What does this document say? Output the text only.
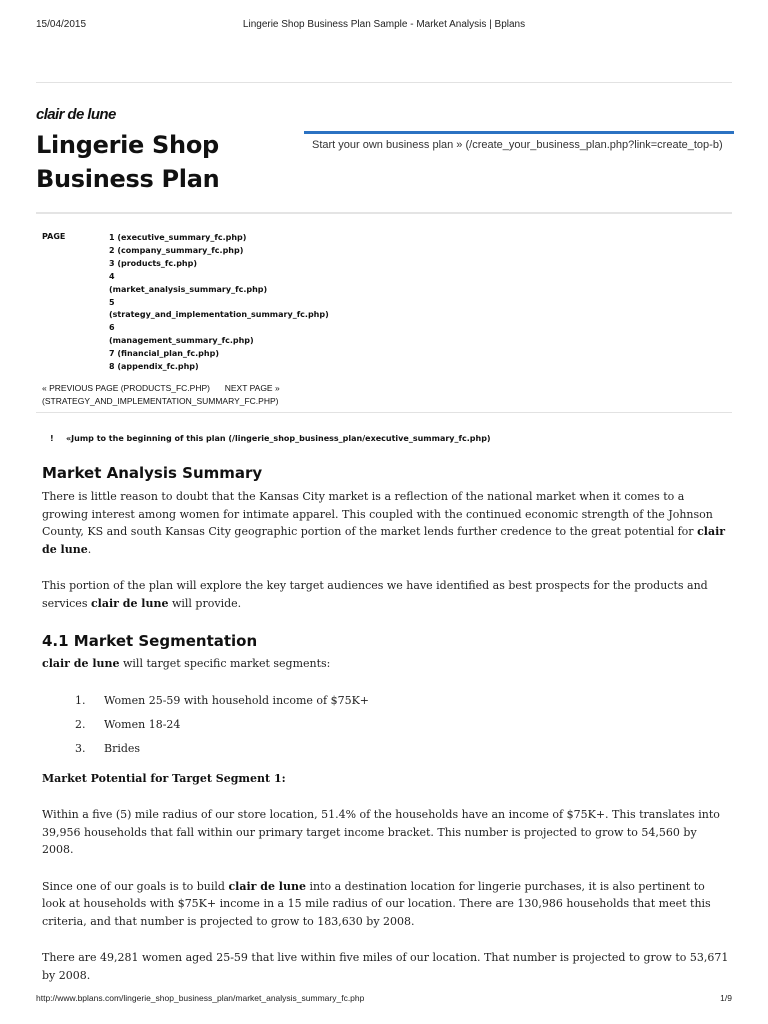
15/04/2015	Lingerie Shop Business Plan Sample - Market Analysis | Bplans
clair de lune
Lingerie Shop Business Plan
Start your own business plan » (/create_your_business_plan.php?link=create_top-b)
PAGE	1 (executive_summary_fc.php)
2 (company_summary_fc.php)
3 (products_fc.php)
4
(market_analysis_summary_fc.php)
5
(strategy_and_implementation_summary_fc.php)
6
(management_summary_fc.php)
7 (financial_plan_fc.php)
8 (appendix_fc.php)
« PREVIOUS PAGE (PRODUCTS_FC.PHP) NEXT PAGE »
(STRATEGY_AND_IMPLEMENTATION_SUMMARY_FC.PHP)
! «Jump to the beginning of this plan (/lingerie_shop_business_plan/executive_summary_fc.php)
Market Analysis Summary

There is little reason to doubt that the Kansas City market is a reflection of the national market when it comes to a growing interest among women for intimate apparel. This coupled with the continued economic strength of the Johnson County, KS and south Kansas City geographic portion of the market lends further credence to the great potential for clair de lune.

This portion of the plan will explore the key target audiences we have identified as best prospects for the products and services clair de lune will provide.

4.1 Market Segmentation

clair de lune will target specific market segments:

1. Women 25-59 with household income of $75K+
2. Women 18-24
3. Brides

Market Potential for Target Segment 1:

Within a five (5) mile radius of our store location, 51.4% of the households have an income of $75K+. This translates into 39,956 households that fall within our primary target income bracket. This number is projected to grow to 54,560 by 2008.

Since one of our goals is to build clair de lune into a destination location for lingerie purchases, it is also pertinent to look at households with $75K+ income in a 15 mile radius of our location. There are 130,986 households that meet this criteria, and that number is projected to grow to 183,630 by 2008.

There are 49,281 women aged 25-59 that live within five miles of our location. That number is projected to grow to 53,671 by 2008.

http://www.bplans.com/lingerie_shop_business_plan/market_analysis_summary_fc.php	1/9
